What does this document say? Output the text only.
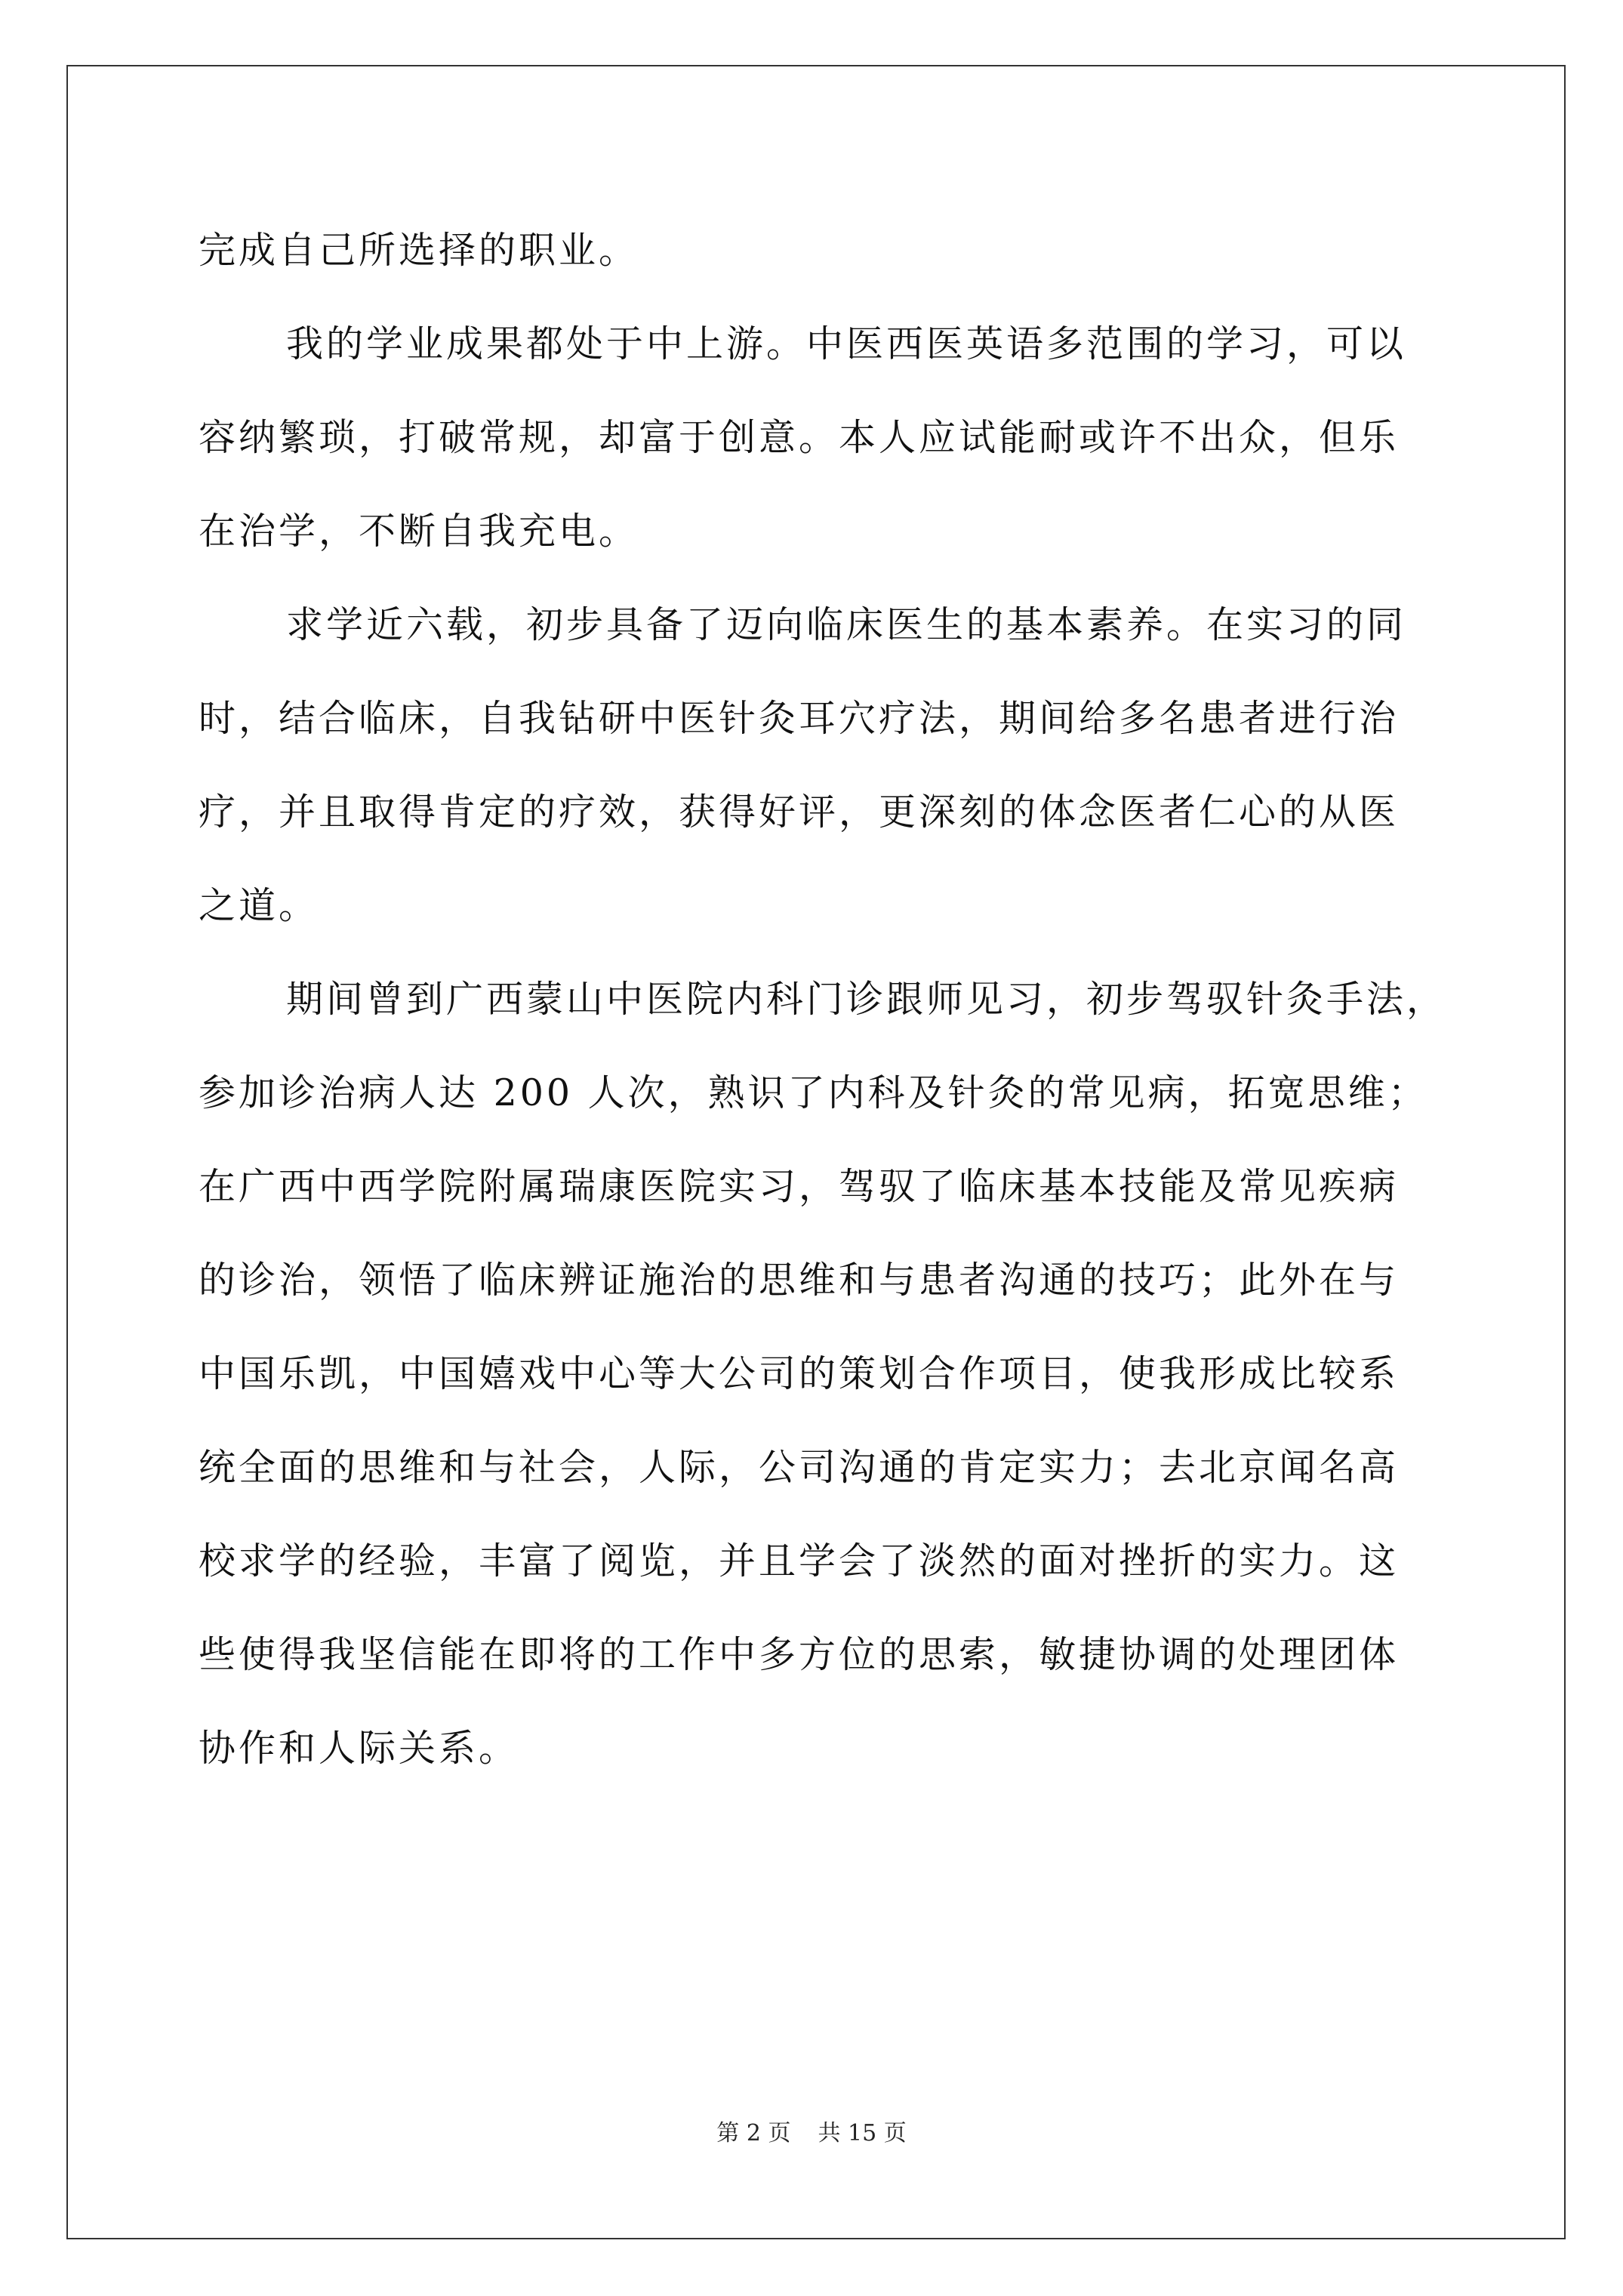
完成自己所选择的职业。
我的学业成果都处于中上游。中医西医英语多范围的学习，可以
容纳繁琐，打破常规，却富于创意。本人应试能耐或许不出众，但乐
在治学，不断自我充电。
求学近六载，初步具备了迈向临床医生的基本素养。在实习的同
时，结合临床，自我钻研中医针灸耳穴疗法，期间给多名患者进行治
疗，并且取得肯定的疗效，获得好评，更深刻的体念医者仁心的从医
之道。
期间曾到广西蒙山中医院内科门诊跟师见习，初步驾驭针灸手法，
参加诊治病人达 200 人次，熟识了内科及针灸的常见病，拓宽思维；
在广西中西学院附属瑞康医院实习，驾驭了临床基本技能及常见疾病
的诊治，领悟了临床辨证施治的思维和与患者沟通的技巧；此外在与
中国乐凯，中国嬉戏中心等大公司的策划合作项目，使我形成比较系
统全面的思维和与社会，人际，公司沟通的肯定实力；去北京闻名高
校求学的经验，丰富了阅览，并且学会了淡然的面对挫折的实力。这
些使得我坚信能在即将的工作中多方位的思索，敏捷协调的处理团体
协作和人际关系。
第 2 页 共 15 页
